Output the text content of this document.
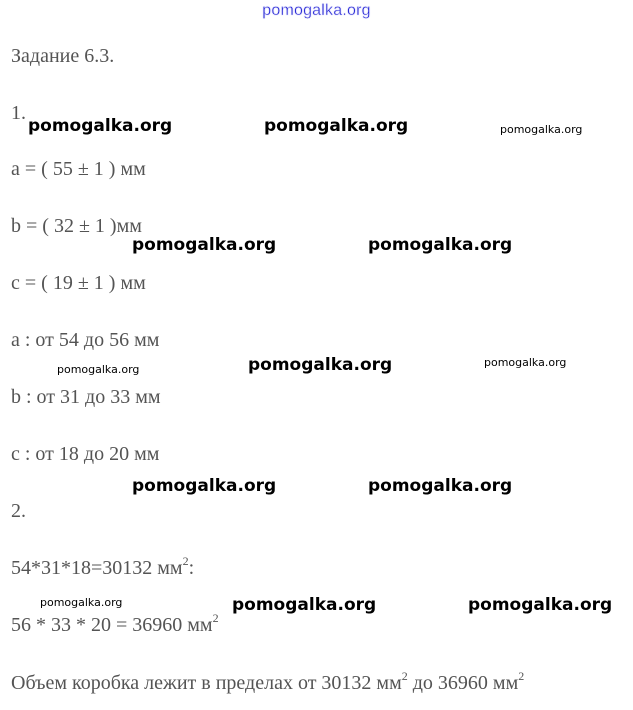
pomogalka.org
Задание 6.3.
1.
a = ( 55 ± 1 ) мм
b = ( 32 ± 1 )мм
c = ( 19 ± 1 ) мм
a : от 54 до 56 мм
b : от 31 до 33 мм
c : от 18 до 20 мм
2.
54*31*18=30132 $мм^2$:
56 * 33 * 20 = 36960 $мм^2$
Объем коробка лежит в пределах от 30132 $мм^2$ до 36960 $мм^2$
pomogalka.org	pomogalka.org	pomogalka.org
pomogalka.org	pomogalka.org
pomogalka.org	pomogalka.org	pomogalka.org
pomogalka.org	pomogalka.org
pomogalka.org	pomogalka.org	pomogalka.org
